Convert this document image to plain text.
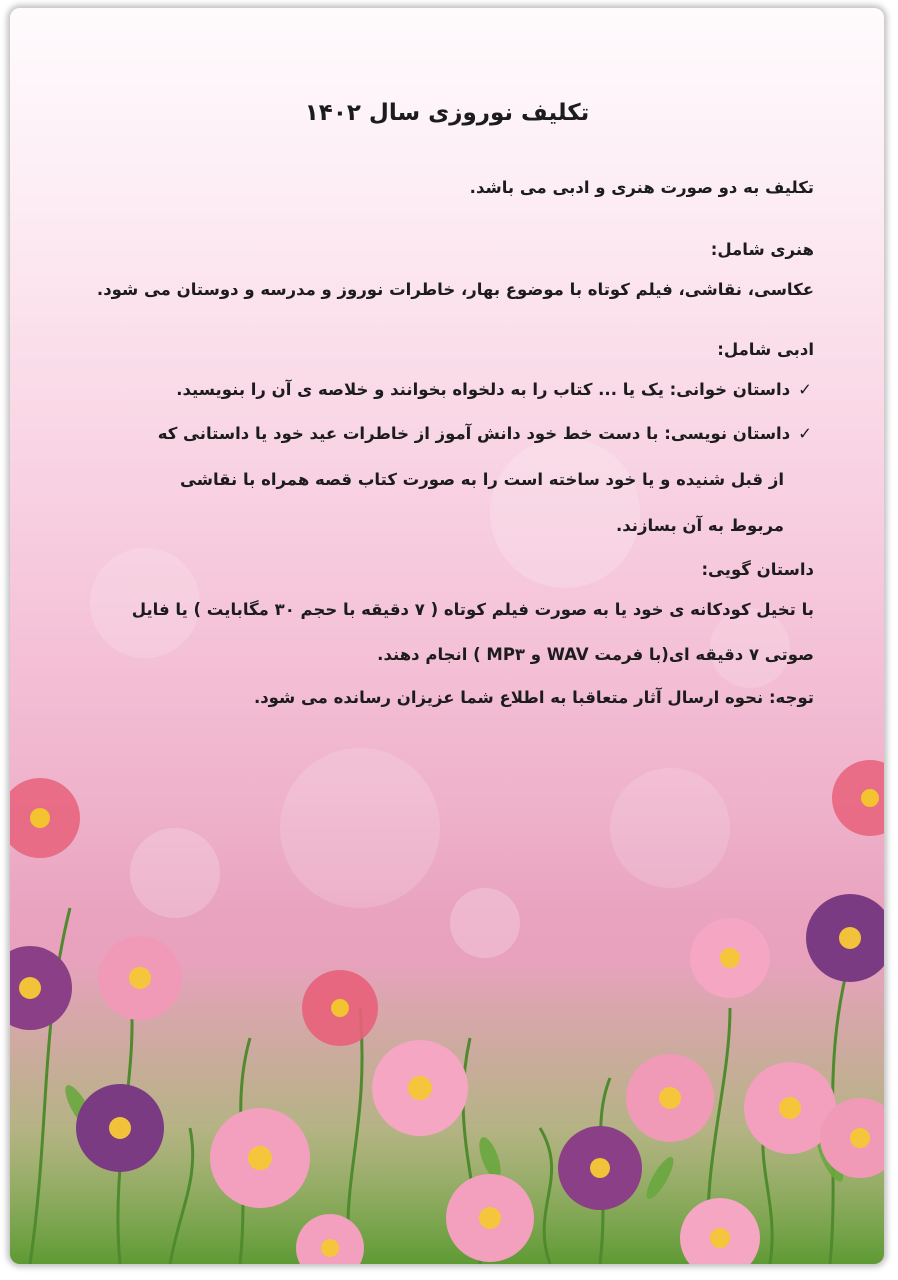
تکلیف نوروزی سال ۱۴۰۲
تکلیف به دو صورت هنری و ادبی می باشد.
هنری شامل:
عکاسی، نقاشی، فیلم کوتاه با موضوع بهار، خاطرات نوروز و مدرسه و دوستان می شود.
ادبی شامل:
✓داستان خوانی: یک یا ... کتاب را به دلخواه بخوانند و خلاصه ی آن را بنویسید.
✓داستان نویسی: با دست خط خود دانش آموز از خاطرات عید خود یا داستانی که
از قبل شنیده و یا خود ساخته است را به صورت کتاب قصه همراه با نقاشی
مربوط به آن بسازند.
داستان گویی:
با تخیل کودکانه ی خود یا به صورت فیلم کوتاه ( ۷ دقیقه با حجم ۳۰ مگابایت ) یا فایل
صوتی ۷ دقیقه ای(با فرمت WAV و MP۳ ) انجام دهند.
توجه: نحوه ارسال آثار متعاقبا به اطلاع شما عزیزان رسانده می شود.
